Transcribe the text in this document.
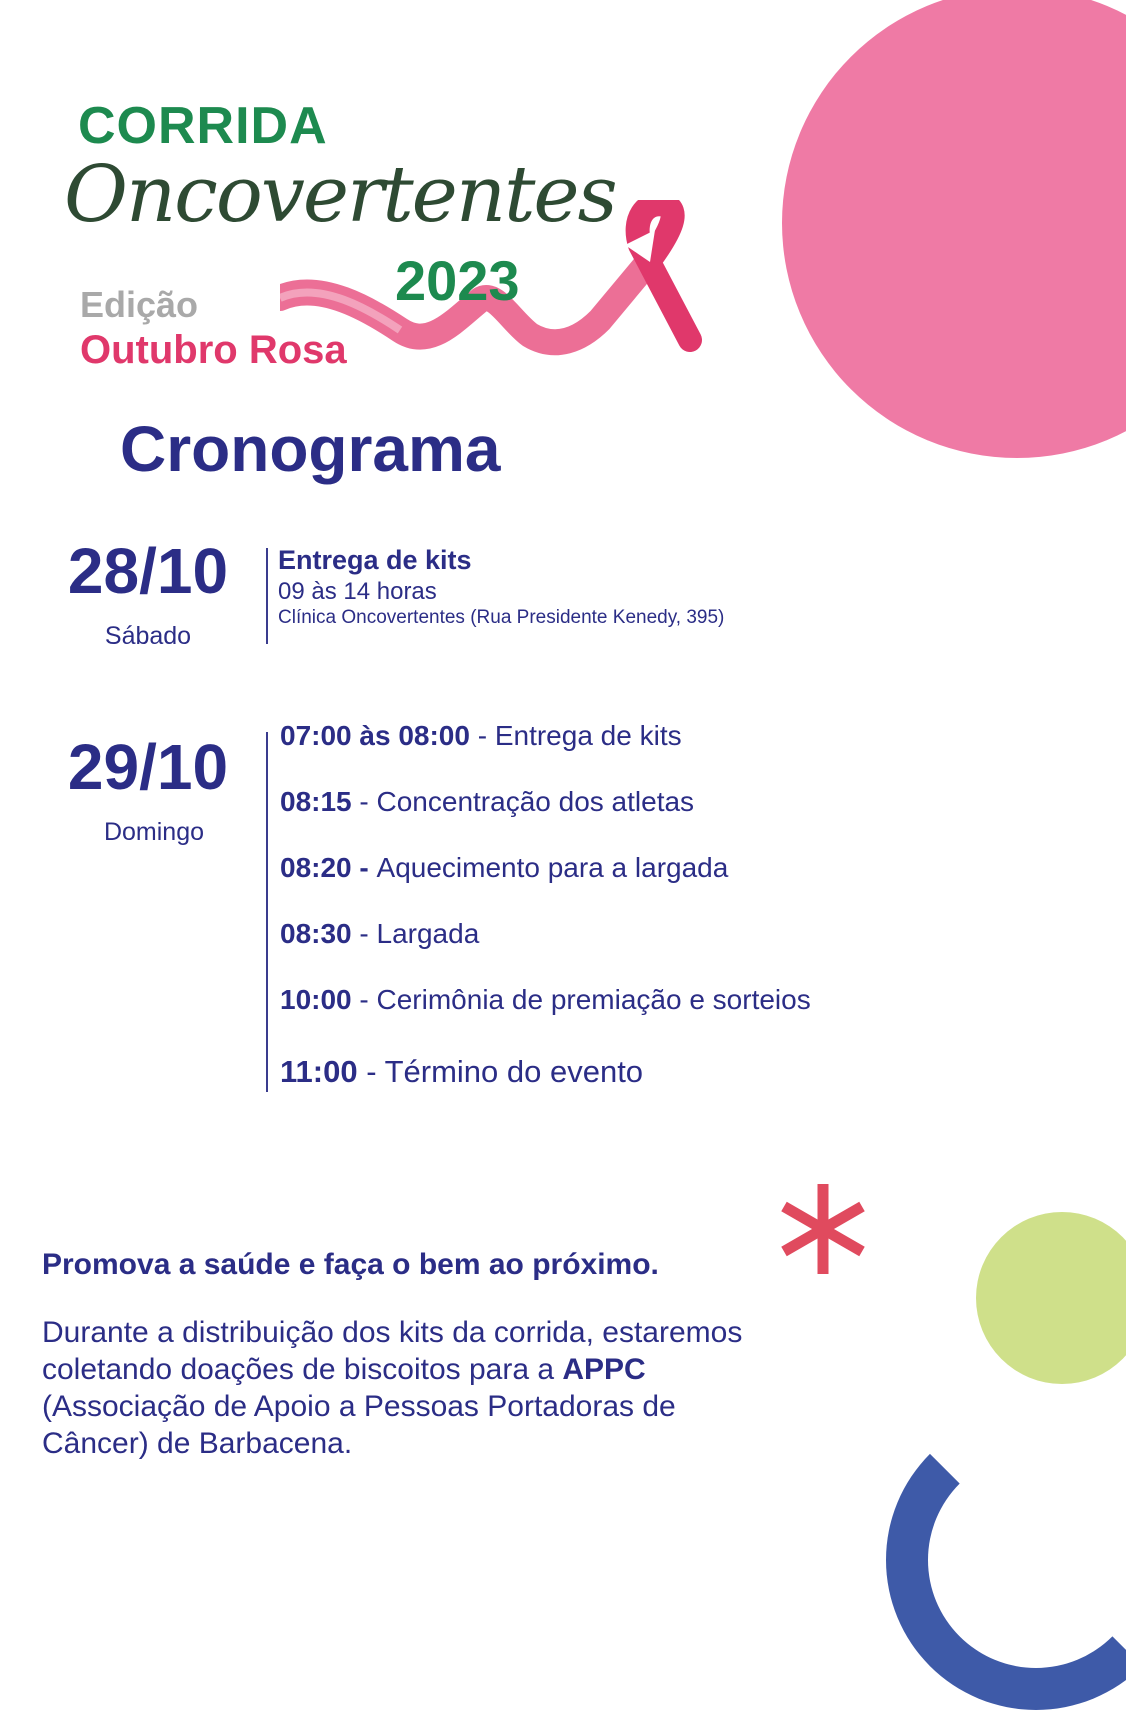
CORRIDA
Oncovertentes
2023
Edição
Outubro Rosa
Cronograma
28/10
Sábado
Entrega de kits
09 às 14 horas
Clínica Oncovertentes (Rua Presidente Kenedy, 395)
29/10
Domingo
07:00 às 08:00 - Entrega de kits
08:15 - Concentração dos atletas
08:20 - Aquecimento para a largada
08:30 - Largada
10:00 - Cerimônia de premiação e sorteios
11:00 - Término do evento
Promova a saúde e faça o bem ao próximo.

Durante a distribuição dos kits da corrida, estaremos coletando doações de biscoitos para a APPC (Associação de Apoio a Pessoas Portadoras de Câncer) de Barbacena.
